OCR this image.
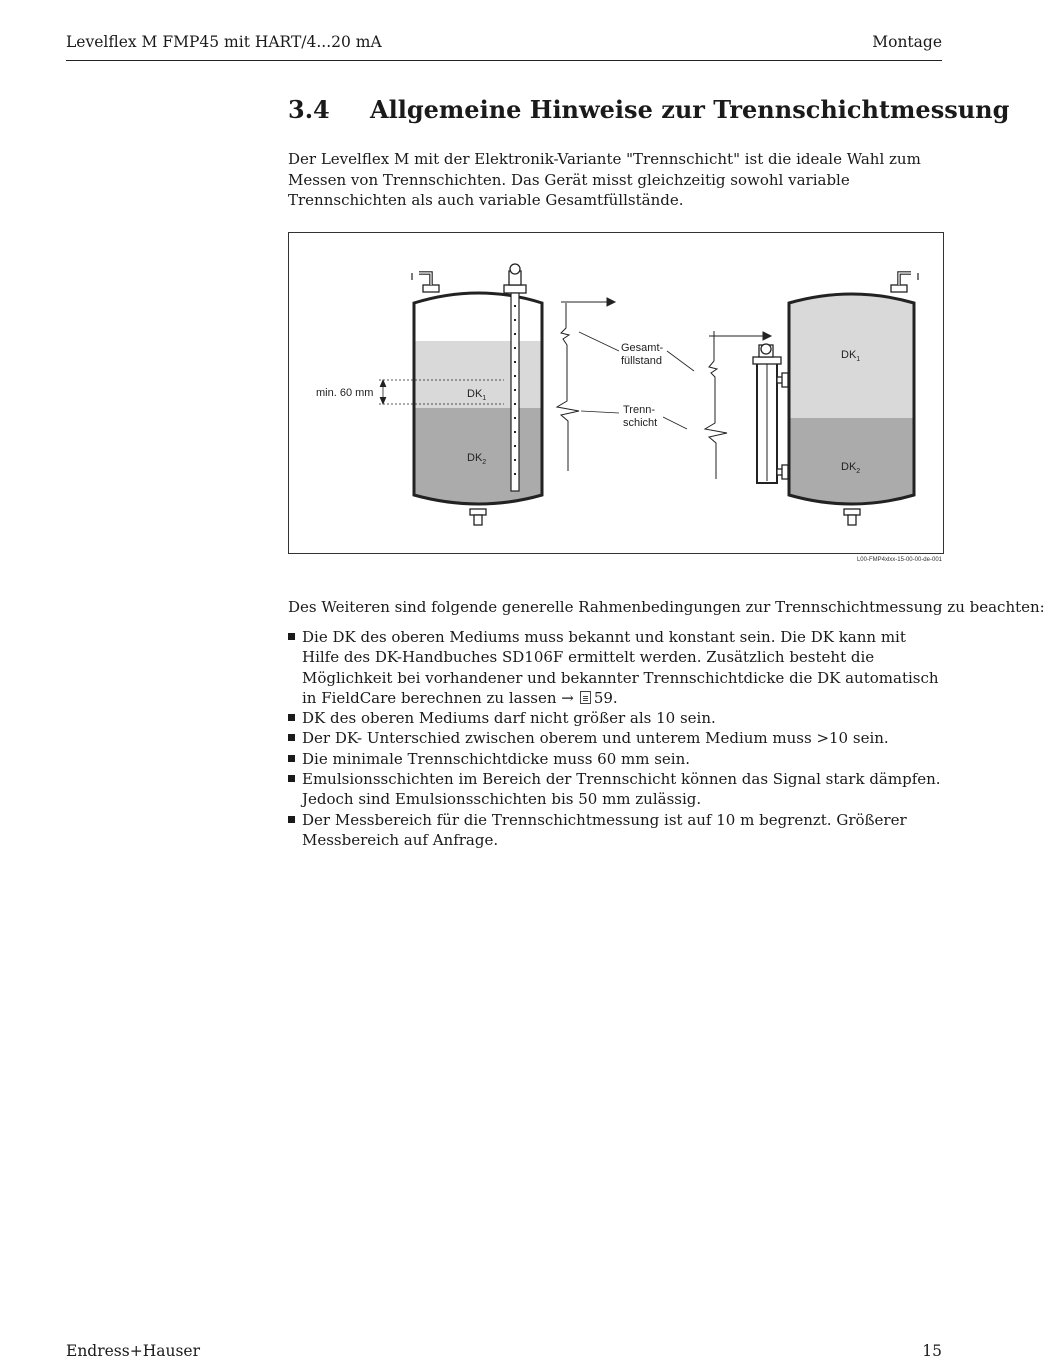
Levelflex M FMP45 mit HART/4...20 mA	Montage
3.4 Allgemeine Hinweise zur Trennschichtmessung

Der Levelflex M mit der Elektronik-Variante "Trennschicht" ist die ideale Wahl zum Messen von Trennschichten. Das Gerät misst gleichzeitig sowohl variable Trennschichten als auch variable Gesamtfüllstände.

min. 60 mm	$DK_1$
$DK_2$
Gesamt-
füllstand
Trenn-
schicht
$DK_1$
$DK_2$
L00-FMP4xlxx-15-00-00-de-001

Des Weiteren sind folgende generelle Rahmenbedingungen zur Trennschichtmessung zu beachten:

Die DK des oberen Mediums muss bekannt und konstant sein. Die DK kann mit Hilfe des DK-Handbuches SD106F ermittelt werden. Zusätzlich besteht die Möglichkeit bei vorhandener und bekannter Trennschichtdicke die DK automatisch in FieldCare berechnen zu lassen → 59.
DK des oberen Mediums darf nicht größer als 10 sein.
Der DK- Unterschied zwischen oberem und unterem Medium muss >10 sein.
Die minimale Trennschichtdicke muss 60 mm sein.
Emulsionsschichten im Bereich der Trennschicht können das Signal stark dämpfen. Jedoch sind Emulsionsschichten bis 50 mm zulässig.
Der Messbereich für die Trennschichtmessung ist auf 10 m begrenzt. Größerer Messbereich auf Anfrage.
Endress+Hauser	15
